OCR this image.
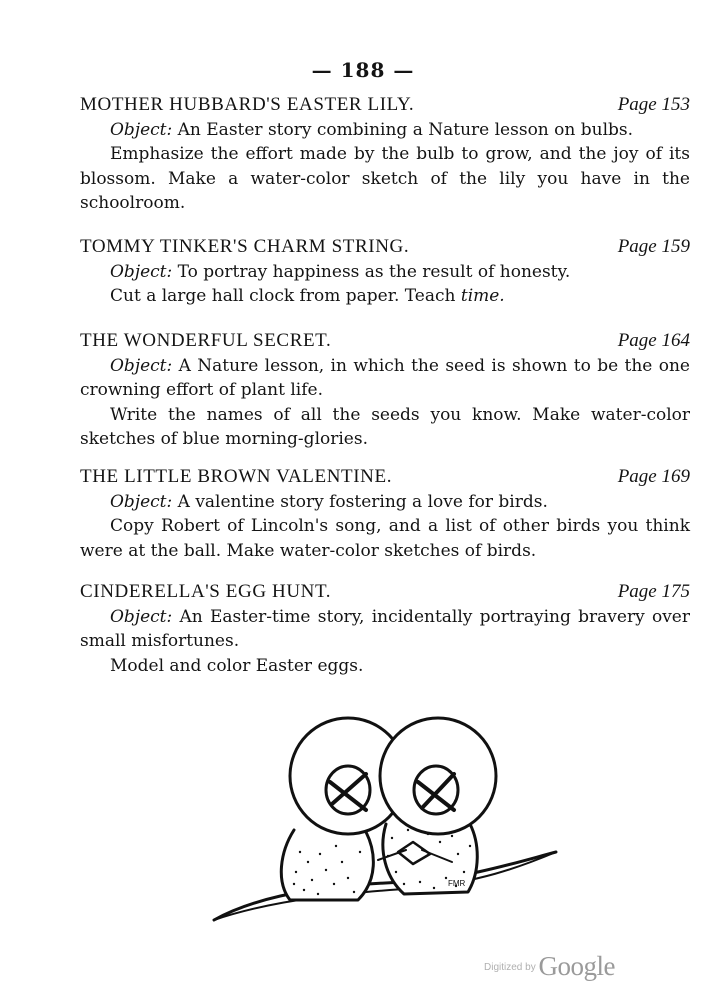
— 188 —
MOTHER HUBBARD'S EASTER LILY.	Page 153
Object: An Easter story combining a Nature lesson on bulbs.
Emphasize the effort made by the bulb to grow, and the joy of its blossom. Make a water-color sketch of the lily you have in the schoolroom.
TOMMY TINKER'S CHARM STRING.	Page 159
Object: To portray happiness as the result of honesty.
Cut a large hall clock from paper. Teach time.
THE WONDERFUL SECRET.	Page 164
Object: A Nature lesson, in which the seed is shown to be the one crowning effort of plant life.
Write the names of all the seeds you know. Make water-color sketches of blue morning-glories.
THE LITTLE BROWN VALENTINE.	Page 169
Object: A valentine story fostering a love for birds.
Copy Robert of Lincoln's song, and a list of other birds you think were at the ball. Make water-color sketches of birds.
CINDERELLA'S EGG HUNT.	Page 175
Object: An Easter-time story, incidentally portraying bravery over small misfortunes.
Model and color Easter eggs.
FMR
Digitized by Google
